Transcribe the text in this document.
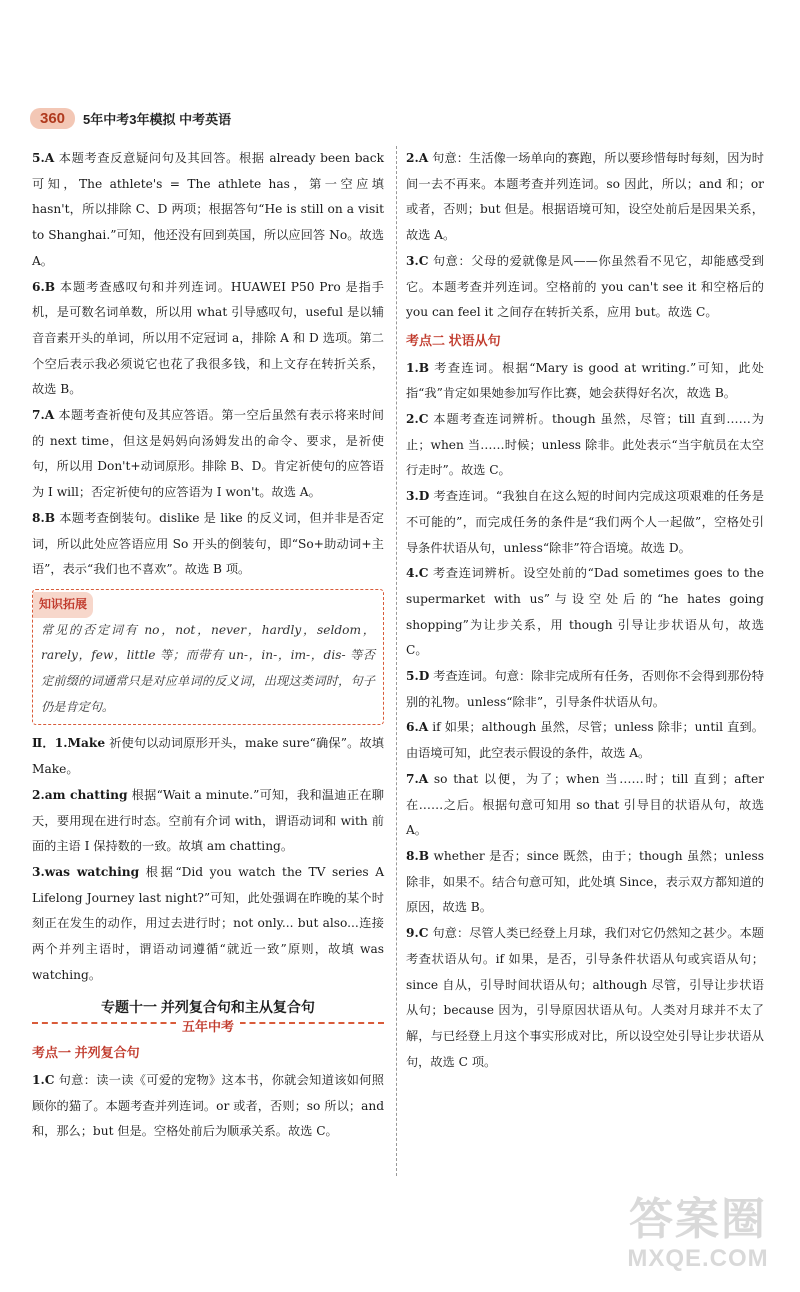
360	5年中考3年模拟 中考英语

5.A 本题考查反意疑问句及其回答。根据 already been back 可知，The athlete's = The athlete has，第一空应填 hasn't，所以排除 C、D 两项；根据答句“He is still on a visit to Shanghai.”可知，他还没有回到英国，所以应回答 No。故选 A。

6.B 本题考查感叹句和并列连词。HUAWEI P50 Pro 是指手机，是可数名词单数，所以用 what 引导感叹句，useful 是以辅音音素开头的单词，所以用不定冠词 a，排除 A 和 D 选项。第二个空后表示我必须说它也花了我很多钱，和上文存在转折关系，故选 B。

7.A 本题考查祈使句及其应答语。第一空后虽然有表示将来时间的 next time，但这是妈妈向汤姆发出的命令、要求，是祈使句，所以用 Don't+动词原形。排除 B、D。肯定祈使句的应答语为 I will；否定祈使句的应答语为 I won't。故选 A。

8.B 本题考查倒装句。dislike 是 like 的反义词，但并非是否定词，所以此处应答语应用 So 开头的倒装句，即“So+助动词+主语”，表示“我们也不喜欢”。故选 B 项。

知识拓展

常见的否定词有 no，not，never，hardly，seldom，rarely，few，little 等；而带有 un-，in-，im-，dis- 等否定前缀的词通常只是对应单词的反义词，出现这类词时，句子仍是肯定句。

Ⅱ．1.Make 祈使句以动词原形开头，make sure“确保”。故填 Make。

2.am chatting 根据“Wait a minute.”可知，我和温迪正在聊天，要用现在进行时态。空前有介词 with，谓语动词和 with 前面的主语 I 保持数的一致。故填 am chatting。

3.was watching 根据“Did you watch the TV series A Lifelong Journey last night?”可知，此处强调在昨晚的某个时刻正在发生的动作，用过去进行时；not only... but also...连接两个并列主语时，谓语动词遵循“就近一致”原则，故填 was watching。

专题十一 并列复合句和主从复合句
五年中考
考点一 并列复合句

1.C 句意：读一读《可爱的宠物》这本书，你就会知道该如何照顾你的猫了。本题考查并列连词。or 或者，否则；so 所以；and 和，那么；but 但是。空格处前后为顺承关系。故选 C。

2.A 句意：生活像一场单向的赛跑，所以要珍惜每时每刻，因为时间一去不再来。本题考查并列连词。so 因此，所以；and 和；or 或者，否则；but 但是。根据语境可知，设空处前后是因果关系，故选 A。

3.C 句意：父母的爱就像是风——你虽然看不见它，却能感受到它。本题考查并列连词。空格前的 you can't see it 和空格后的 you can feel it 之间存在转折关系，应用 but。故选 C。

考点二 状语从句

1.B 考查连词。根据“Mary is good at writing.”可知，此处指“我”肯定如果她参加写作比赛，她会获得好名次，故选 B。

2.C 本题考查连词辨析。though 虽然，尽管；till 直到……为止；when 当……时候；unless 除非。此处表示“当宇航员在太空行走时”。故选 C。

3.D 考查连词。“我独自在这么短的时间内完成这项艰难的任务是不可能的”，而完成任务的条件是“我们两个人一起做”，空格处引导条件状语从句，unless“除非”符合语境。故选 D。

4.C 考查连词辨析。设空处前的“Dad sometimes goes to the supermarket with us”与设空处后的“he hates going shopping”为让步关系，用 though 引导让步状语从句，故选 C。

5.D 考查连词。句意：除非完成所有任务，否则你不会得到那份特别的礼物。unless“除非”，引导条件状语从句。

6.A if 如果；although 虽然，尽管；unless 除非；until 直到。由语境可知，此空表示假设的条件，故选 A。

7.A so that 以便，为了；when 当……时；till 直到；after 在……之后。根据句意可知用 so that 引导目的状语从句，故选 A。

8.B whether 是否；since 既然，由于；though 虽然；unless 除非，如果不。结合句意可知，此处填 Since，表示双方都知道的原因，故选 B。

9.C 句意：尽管人类已经登上月球，我们对它仍然知之甚少。本题考查状语从句。if 如果，是否，引导条件状语从句或宾语从句；since 自从，引导时间状语从句；although 尽管，引导让步状语从句；because 因为，引导原因状语从句。人类对月球并不太了解，与已经登上月这个事实形成对比，所以设空处引导让步状语从句，故选 C 项。

答案圈
MXQE.COM
